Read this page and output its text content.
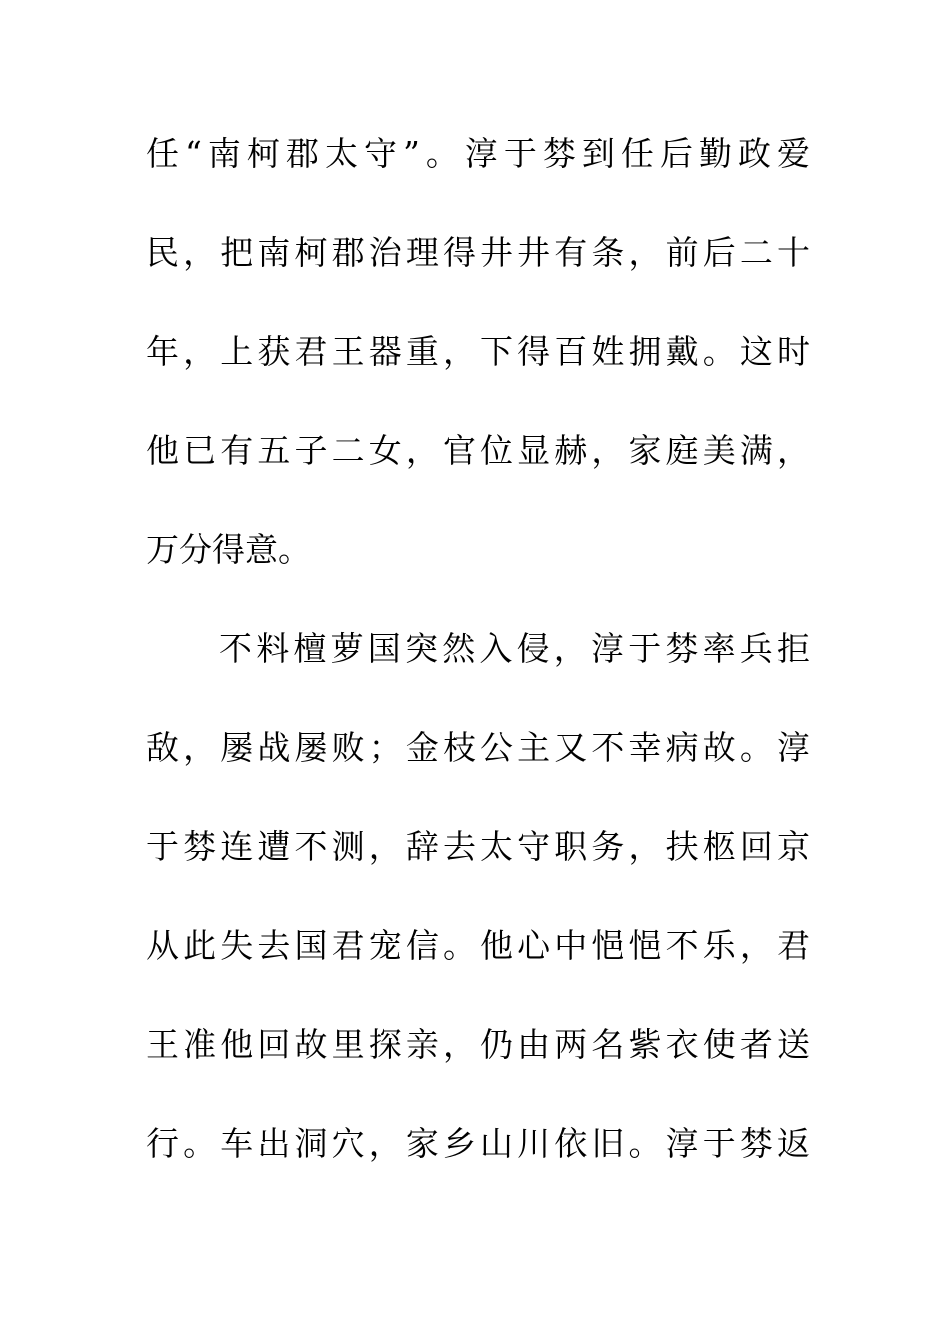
任“南柯郡太守”。淳于棼到任后勤政爱
民，把南柯郡治理得井井有条，前后二十
年，上获君王器重，下得百姓拥戴。这时
他已有五子二女，官位显赫，家庭美满，
万分得意。
不料檀萝国突然入侵，淳于棼率兵拒
敌，屡战屡败；金枝公主又不幸病故。淳
于棼连遭不测，辞去太守职务，扶柩回京
从此失去国君宠信。他心中悒悒不乐，君
王准他回故里探亲，仍由两名紫衣使者送
行。车出洞穴，家乡山川依旧。淳于棼返
